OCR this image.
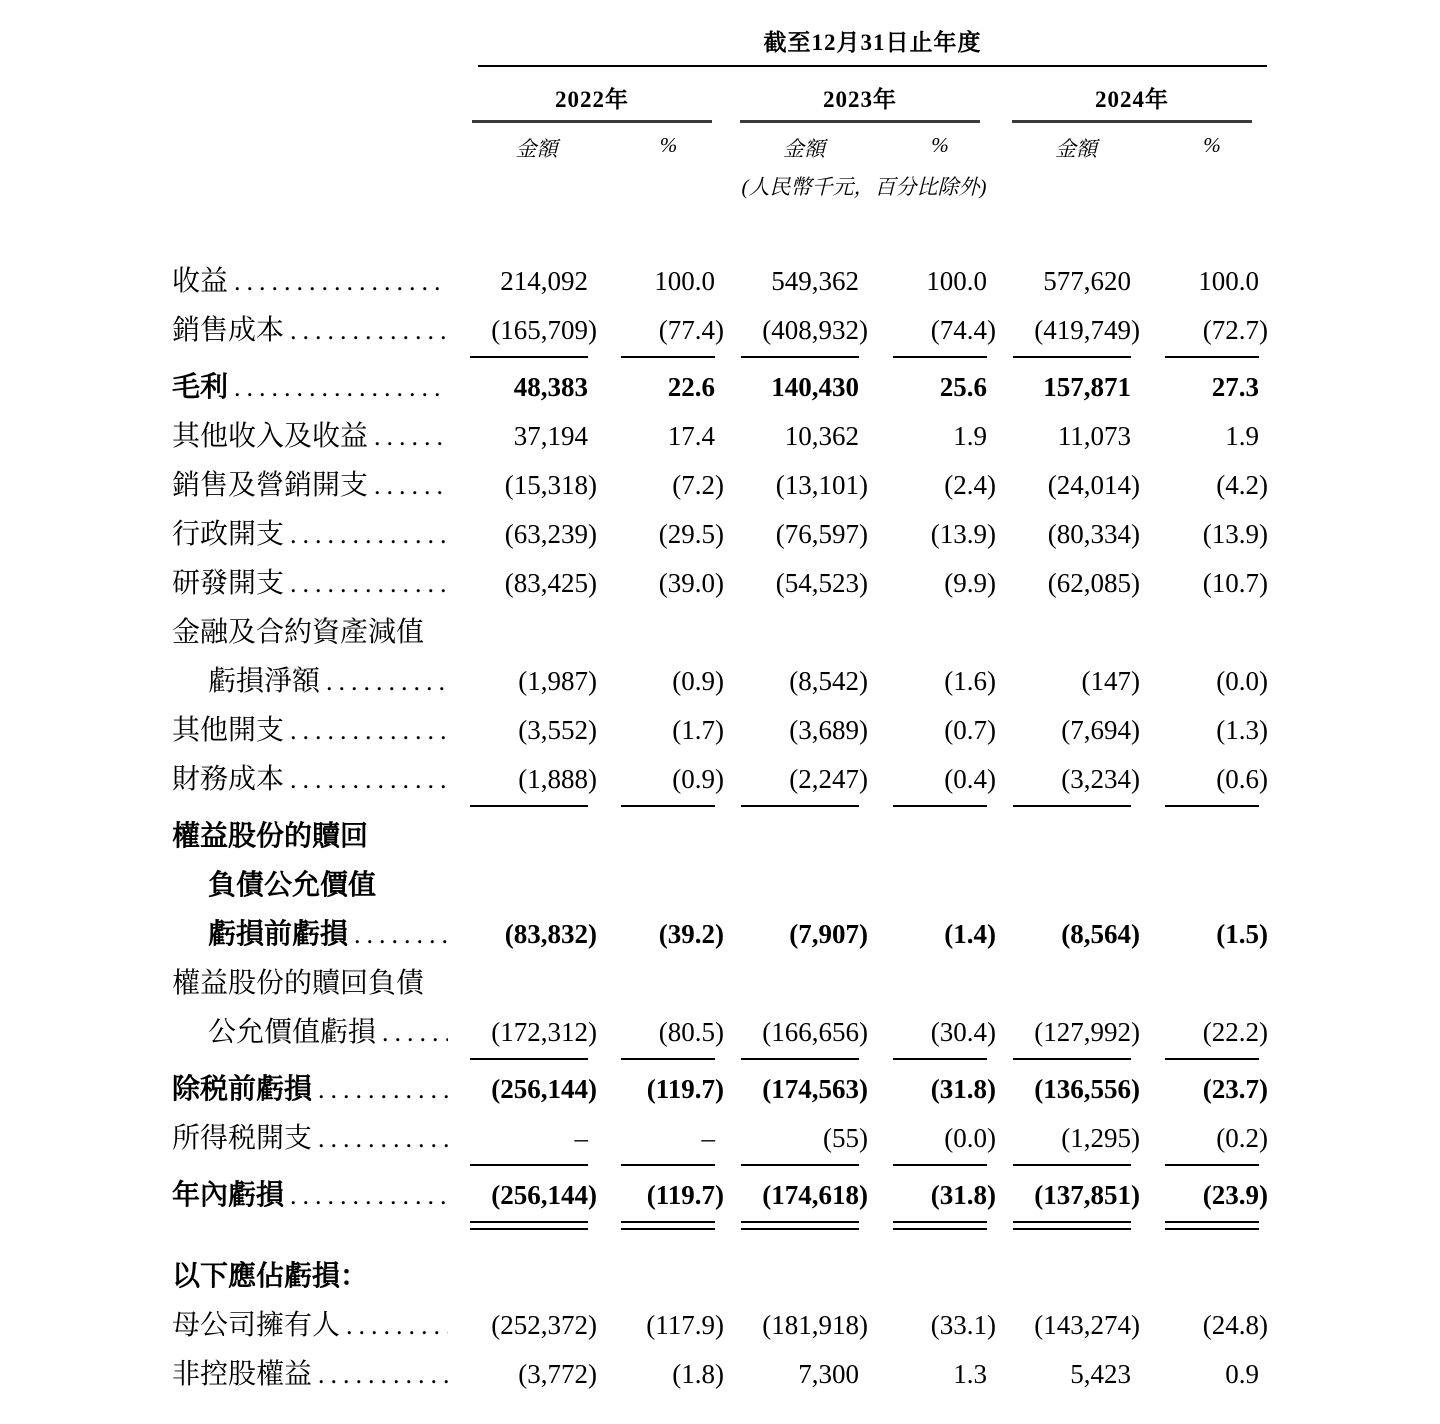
截至12月31日止年度
2022年	2023年	2024年
金額	%	金額	%	金額	%
(人民幣千元，百分比除外)
收益 .....	214,092	100.0	549,362	100.0	577,620	100.0
銷售成本 .....	(165,709)	(77.4)	(408,932)	(74.4)	(419,749)	(72.7)
毛利 .....	48,383	22.6	140,430	25.6	157,871	27.3
其他收入及收益 .....	37,194	17.4	10,362	1.9	11,073	1.9
銷售及營銷開支 .....	(15,318)	(7.2)	(13,101)	(2.4)	(24,014)	(4.2)
行政開支 .....	(63,239)	(29.5)	(76,597)	(13.9)	(80,334)	(13.9)
研發開支 .....	(83,425)	(39.0)	(54,523)	(9.9)	(62,085)	(10.7)
金融及合約資產減值
虧損淨額 .....	(1,987)	(0.9)	(8,542)	(1.6)	(147)	(0.0)
其他開支 .....	(3,552)	(1.7)	(3,689)	(0.7)	(7,694)	(1.3)
財務成本 .....	(1,888)	(0.9)	(2,247)	(0.4)	(3,234)	(0.6)
權益股份的贖回
負債公允價值
虧損前虧損 .....	(83,832)	(39.2)	(7,907)	(1.4)	(8,564)	(1.5)
權益股份的贖回負債
公允價值虧損 .....	(172,312)	(80.5)	(166,656)	(30.4)	(127,992)	(22.2)
除税前虧損 .....	(256,144)	(119.7)	(174,563)	(31.8)	(136,556)	(23.7)
所得税開支 .....	–	–	(55)	(0.0)	(1,295)	(0.2)
年內虧損 .....	(256,144)	(119.7)	(174,618)	(31.8)	(137,851)	(23.9)
以下應佔虧損：
母公司擁有人 .....	(252,372)	(117.9)	(181,918)	(33.1)	(143,274)	(24.8)
非控股權益 .....	(3,772)	(1.8)	7,300	1.3	5,423	0.9
